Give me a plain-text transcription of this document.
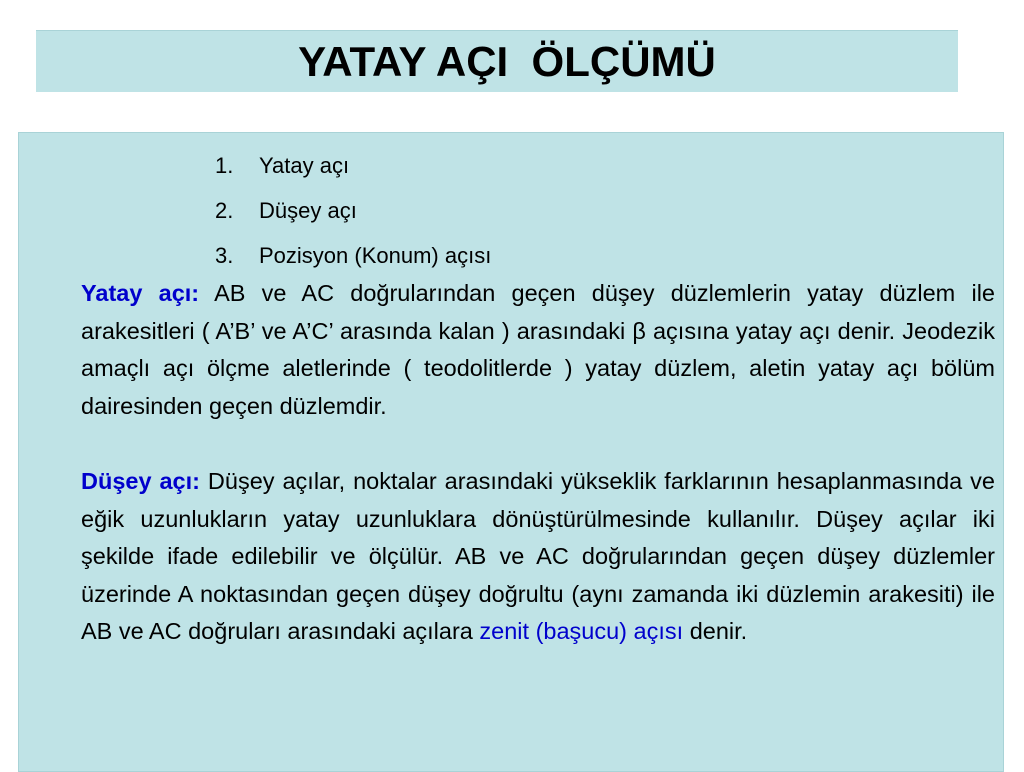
YATAY AÇI  ÖLÇÜMÜ
1. Yatay açı
2. Düşey açı
3. Pozisyon (Konum) açısı

Yatay açı: AB ve AC doğrularından geçen düşey düzlemlerin yatay düzlem ile arakesitleri ( A’B’ ve A’C’ arasında kalan ) arasındaki β açısına yatay açı denir. Jeodezik amaçlı açı ölçme aletlerinde ( teodolitlerde ) yatay düzlem, aletin yatay açı bölüm dairesinden geçen düzlemdir.

Düşey açı: Düşey açılar, noktalar arasındaki yükseklik farklarının hesaplanmasında ve eğik uzunlukların yatay uzunluklara dönüştürülmesinde kullanılır. Düşey açılar iki şekilde ifade edilebilir ve ölçülür. AB ve AC doğrularından geçen düşey düzlemler üzerinde A noktasından geçen düşey doğrultu (aynı zamanda iki düzlemin arakesiti) ile AB ve AC doğruları arasındaki açılara zenit (başucu) açısı denir.
